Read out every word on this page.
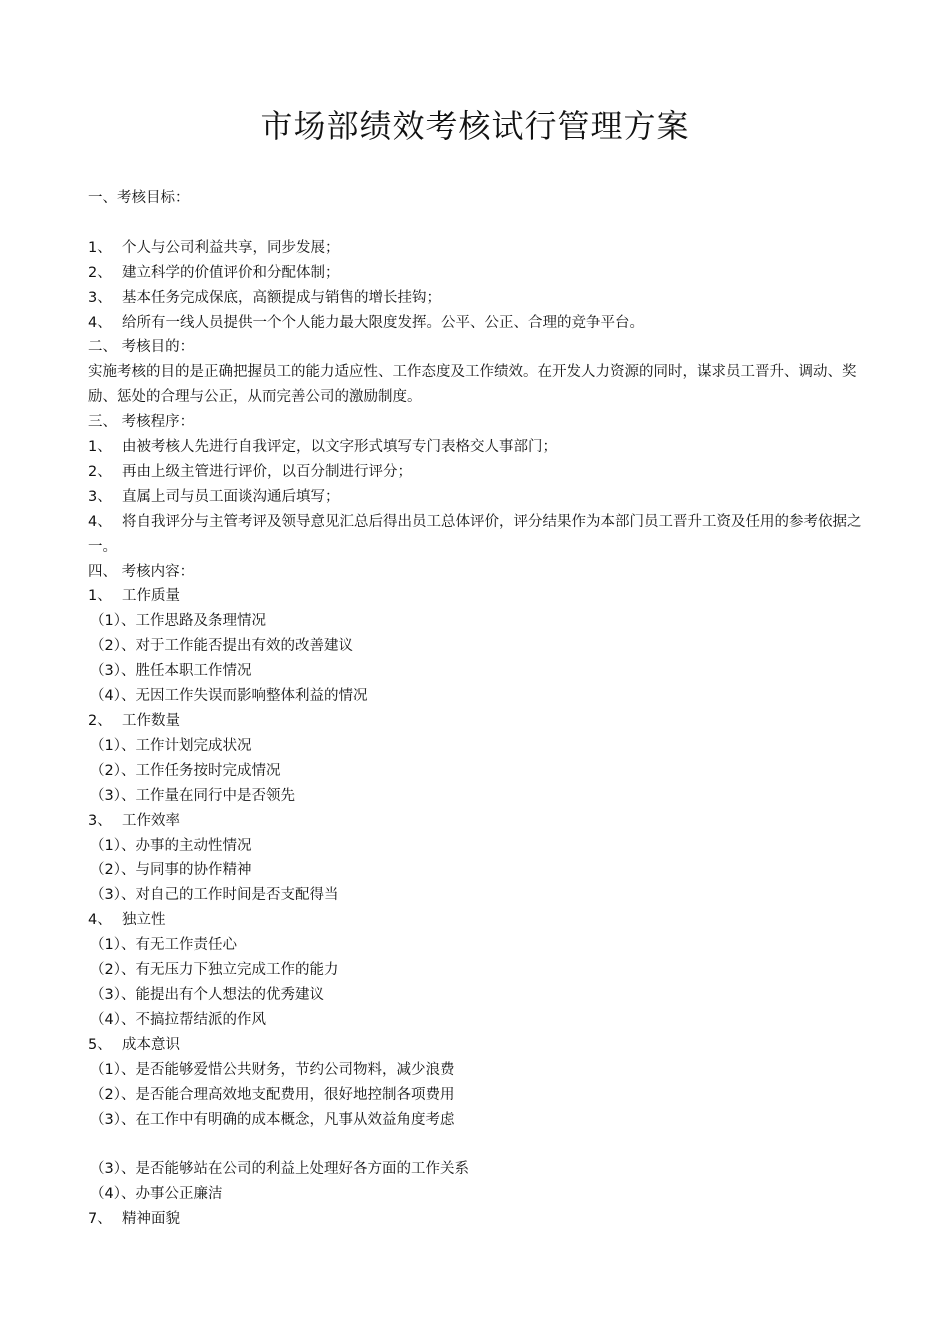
市场部绩效考核试行管理方案
一、考核目标：
1、 个人与公司利益共享，同步发展；
2、 建立科学的价值评价和分配体制；
3、 基本任务完成保底，高额提成与销售的增长挂钩；
4、 给所有一线人员提供一个个人能力最大限度发挥。公平、公正、合理的竞争平台。
二、 考核目的：
实施考核的目的是正确把握员工的能力适应性、工作态度及工作绩效。在开发人力资源的同时，谋求员工晋升、调动、奖励、惩处的合理与公正，从而完善公司的激励制度。
三、 考核程序：
1、 由被考核人先进行自我评定，以文字形式填写专门表格交人事部门；
2、 再由上级主管进行评价，以百分制进行评分；
3、 直属上司与员工面谈沟通后填写；
4、 将自我评分与主管考评及领导意见汇总后得出员工总体评价，评分结果作为本部门员工晋升工资及任用的参考依据之一。
四、 考核内容：
1、 工作质量
（1）、工作思路及条理情况
（2）、对于工作能否提出有效的改善建议
（3）、胜任本职工作情况
（4）、无因工作失误而影响整体利益的情况
2、 工作数量
（1）、工作计划完成状况
（2）、工作任务按时完成情况
（3）、工作量在同行中是否领先
3、 工作效率
（1）、办事的主动性情况
（2）、与同事的协作精神
（3）、对自己的工作时间是否支配得当
4、 独立性
（1）、有无工作责任心
（2）、有无压力下独立完成工作的能力
（3）、能提出有个人想法的优秀建议
（4）、不搞拉帮结派的作风
5、 成本意识
（1）、是否能够爱惜公共财务，节约公司物料，减少浪费
（2）、是否能合理高效地支配费用，很好地控制各项费用
（3）、在工作中有明确的成本概念，凡事从效益角度考虑
（3）、是否能够站在公司的利益上处理好各方面的工作关系
（4）、办事公正廉洁
7、 精神面貌
